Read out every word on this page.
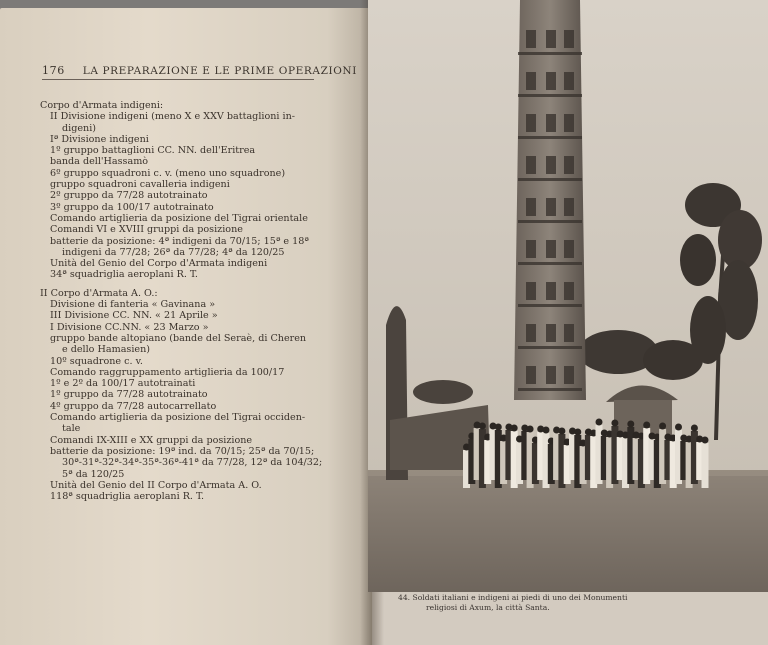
176 LA PREPARAZIONE E LE PRIME OPERAZIONI
Corpo d'Armata indigeni:
II Divisione indigeni (meno X e XXV battaglioni in-
digeni)
Iª Divisione indigeni
1º gruppo battaglioni CC. NN. dell'Eritrea
banda dell'Hassamò
6º gruppo squadroni c. v. (meno uno squadrone)
gruppo squadroni cavalleria indigeni
2º gruppo da 77/28 autotrainato
3º gruppo da 100/17 autotrainato
Comando artiglieria da posizione del Tigrai orientale
Comandi VI e XVIII gruppi da posizione
batterie da posizione: 4ª indigeni da 70/15; 15ª e 18ª
indigeni da 77/28; 26ª da 77/28; 4ª da 120/25
Unità del Genio del Corpo d'Armata indigeni
34ª squadriglia aeroplani R. T.
II Corpo d'Armata A. O.:
Divisione di fanteria « Gavinana »
III Divisione CC. NN. « 21 Aprile »
I Divisione CC.NN. « 23 Marzo »
gruppo bande altopiano (bande del Seraè, di Cheren
e dello Hamasien)
10º squadrone c. v.
Comando raggruppamento artiglieria da 100/17
1º e 2º da 100/17 autotrainati
1º gruppo da 77/28 autotrainato
4º gruppo da 77/28 autocarrellato
Comando artiglieria da posizione del Tigrai occiden-
tale
Comandi IX-XIII e XX gruppi da posizione
batterie da posizione: 19ª ind. da 70/15; 25ª da 70/15;
30ª-31ª-32ª-34ª-35ª-36ª-41ª da 77/28, 12ª da 104/32;
5ª da 120/25
Unità del Genio del II Corpo d'Armata A. O.
118ª squadriglia aeroplani R. T.
44. Soldati italiani e indigeni ai piedi di uno dei Monumenti
religiosi di Axum, la città Santa.
